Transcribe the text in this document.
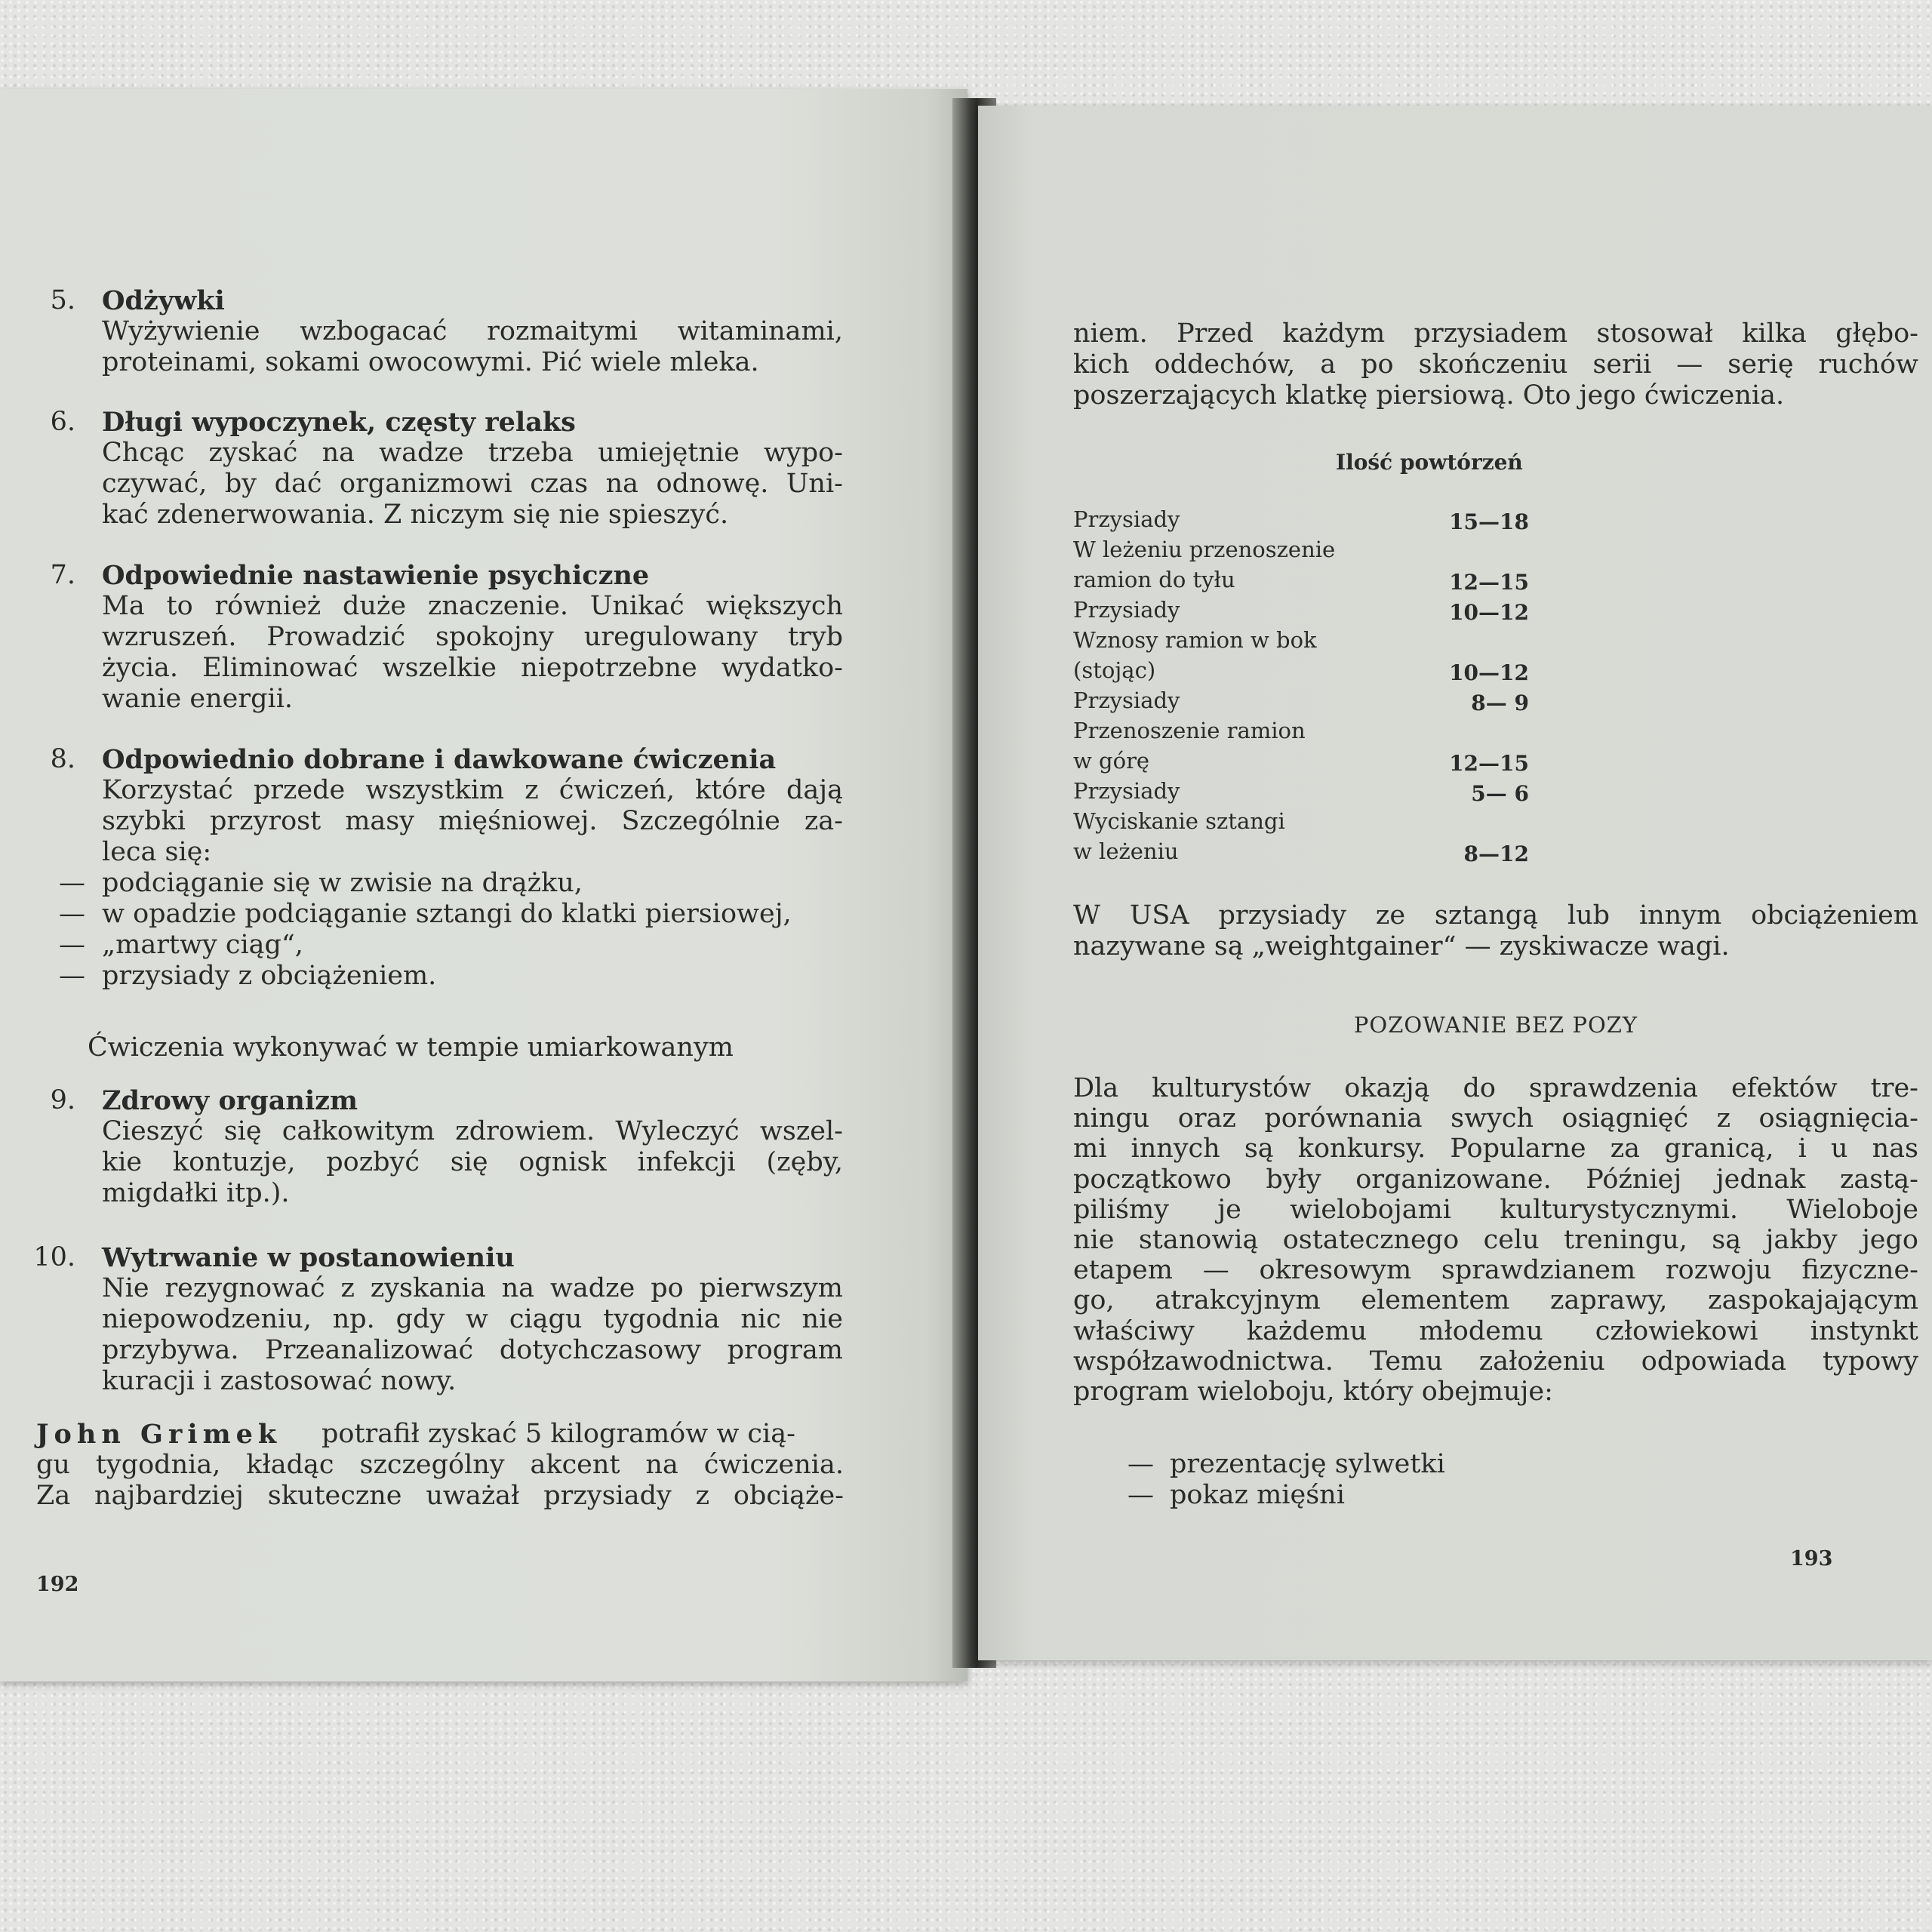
5. Odżywki
Wyżywienie wzbogacać rozmaitymi witaminami,
proteinami, sokami owocowymi. Pić wiele mleka.
6. Długi wypoczynek, częsty relaks
Chcąc zyskać na wadze trzeba umiejętnie wypo-
czywać, by dać organizmowi czas na odnowę. Uni-
kać zdenerwowania. Z niczym się nie spieszyć.
7. Odpowiednie nastawienie psychiczne
Ma to również duże znaczenie. Unikać większych
wzruszeń. Prowadzić spokojny uregulowany tryb
życia. Eliminować wszelkie niepotrzebne wydatko-
wanie energii.
8. Odpowiednio dobrane i dawkowane ćwiczenia
Korzystać przede wszystkim z ćwiczeń, które dają
szybki przyrost masy mięśniowej. Szczególnie za-
leca się:
— podciąganie się w zwisie na drążku,
— w opadzie podciąganie sztangi do klatki piersiowej,
— „martwy ciąg“,
— przysiady z obciążeniem.
Ćwiczenia wykonywać w tempie umiarkowanym
9. Zdrowy organizm
Cieszyć się całkowitym zdrowiem. Wyleczyć wszel-
kie kontuzje, pozbyć się ognisk infekcji (zęby,
migdałki itp.).
10. Wytrwanie w postanowieniu
Nie rezygnować z zyskania na wadze po pierwszym
niepowodzeniu, np. gdy w ciągu tygodnia nic nie
przybywa. Przeanalizować dotychczasowy program
kuracji i zastosować nowy.
John Grimek potrafił zyskać 5 kilogramów w cią-
gu tygodnia, kładąc szczególny akcent na ćwiczenia.
Za najbardziej skuteczne uważał przysiady z obciąże-
192
niem. Przed każdym przysiadem stosował kilka głębo-
kich oddechów, a po skończeniu serii — serię ruchów
poszerzających klatkę piersiową. Oto jego ćwiczenia.
Ilość powtórzeń
Przysiady	15—18
W leżeniu przenoszenie
ramion do tyłu	12—15
Przysiady	10—12
Wznosy ramion w bok
(stojąc)	10—12
Przysiady	8— 9
Przenoszenie ramion
w górę	12—15
Przysiady	5— 6
Wyciskanie sztangi
w leżeniu	8—12
W USA przysiady ze sztangą lub innym obciążeniem
nazywane są „weightgainer“ — zyskiwacze wagi.
POZOWANIE BEZ POZY
Dla kulturystów okazją do sprawdzenia efektów tre-
ningu oraz porównania swych osiągnięć z osiągnięcia-
mi innych są konkursy. Popularne za granicą, i u nas
początkowo były organizowane. Później jednak zastą-
piliśmy je wielobojami kulturystycznymi. Wieloboje
nie stanowią ostatecznego celu treningu, są jakby jego
etapem — okresowym sprawdzianem rozwoju fizyczne-
go, atrakcyjnym elementem zaprawy, zaspokajającym
właściwy każdemu młodemu człowiekowi instynkt
współzawodnictwa. Temu założeniu odpowiada typowy
program wieloboju, który obejmuje:
— prezentację sylwetki
— pokaz mięśni
193
